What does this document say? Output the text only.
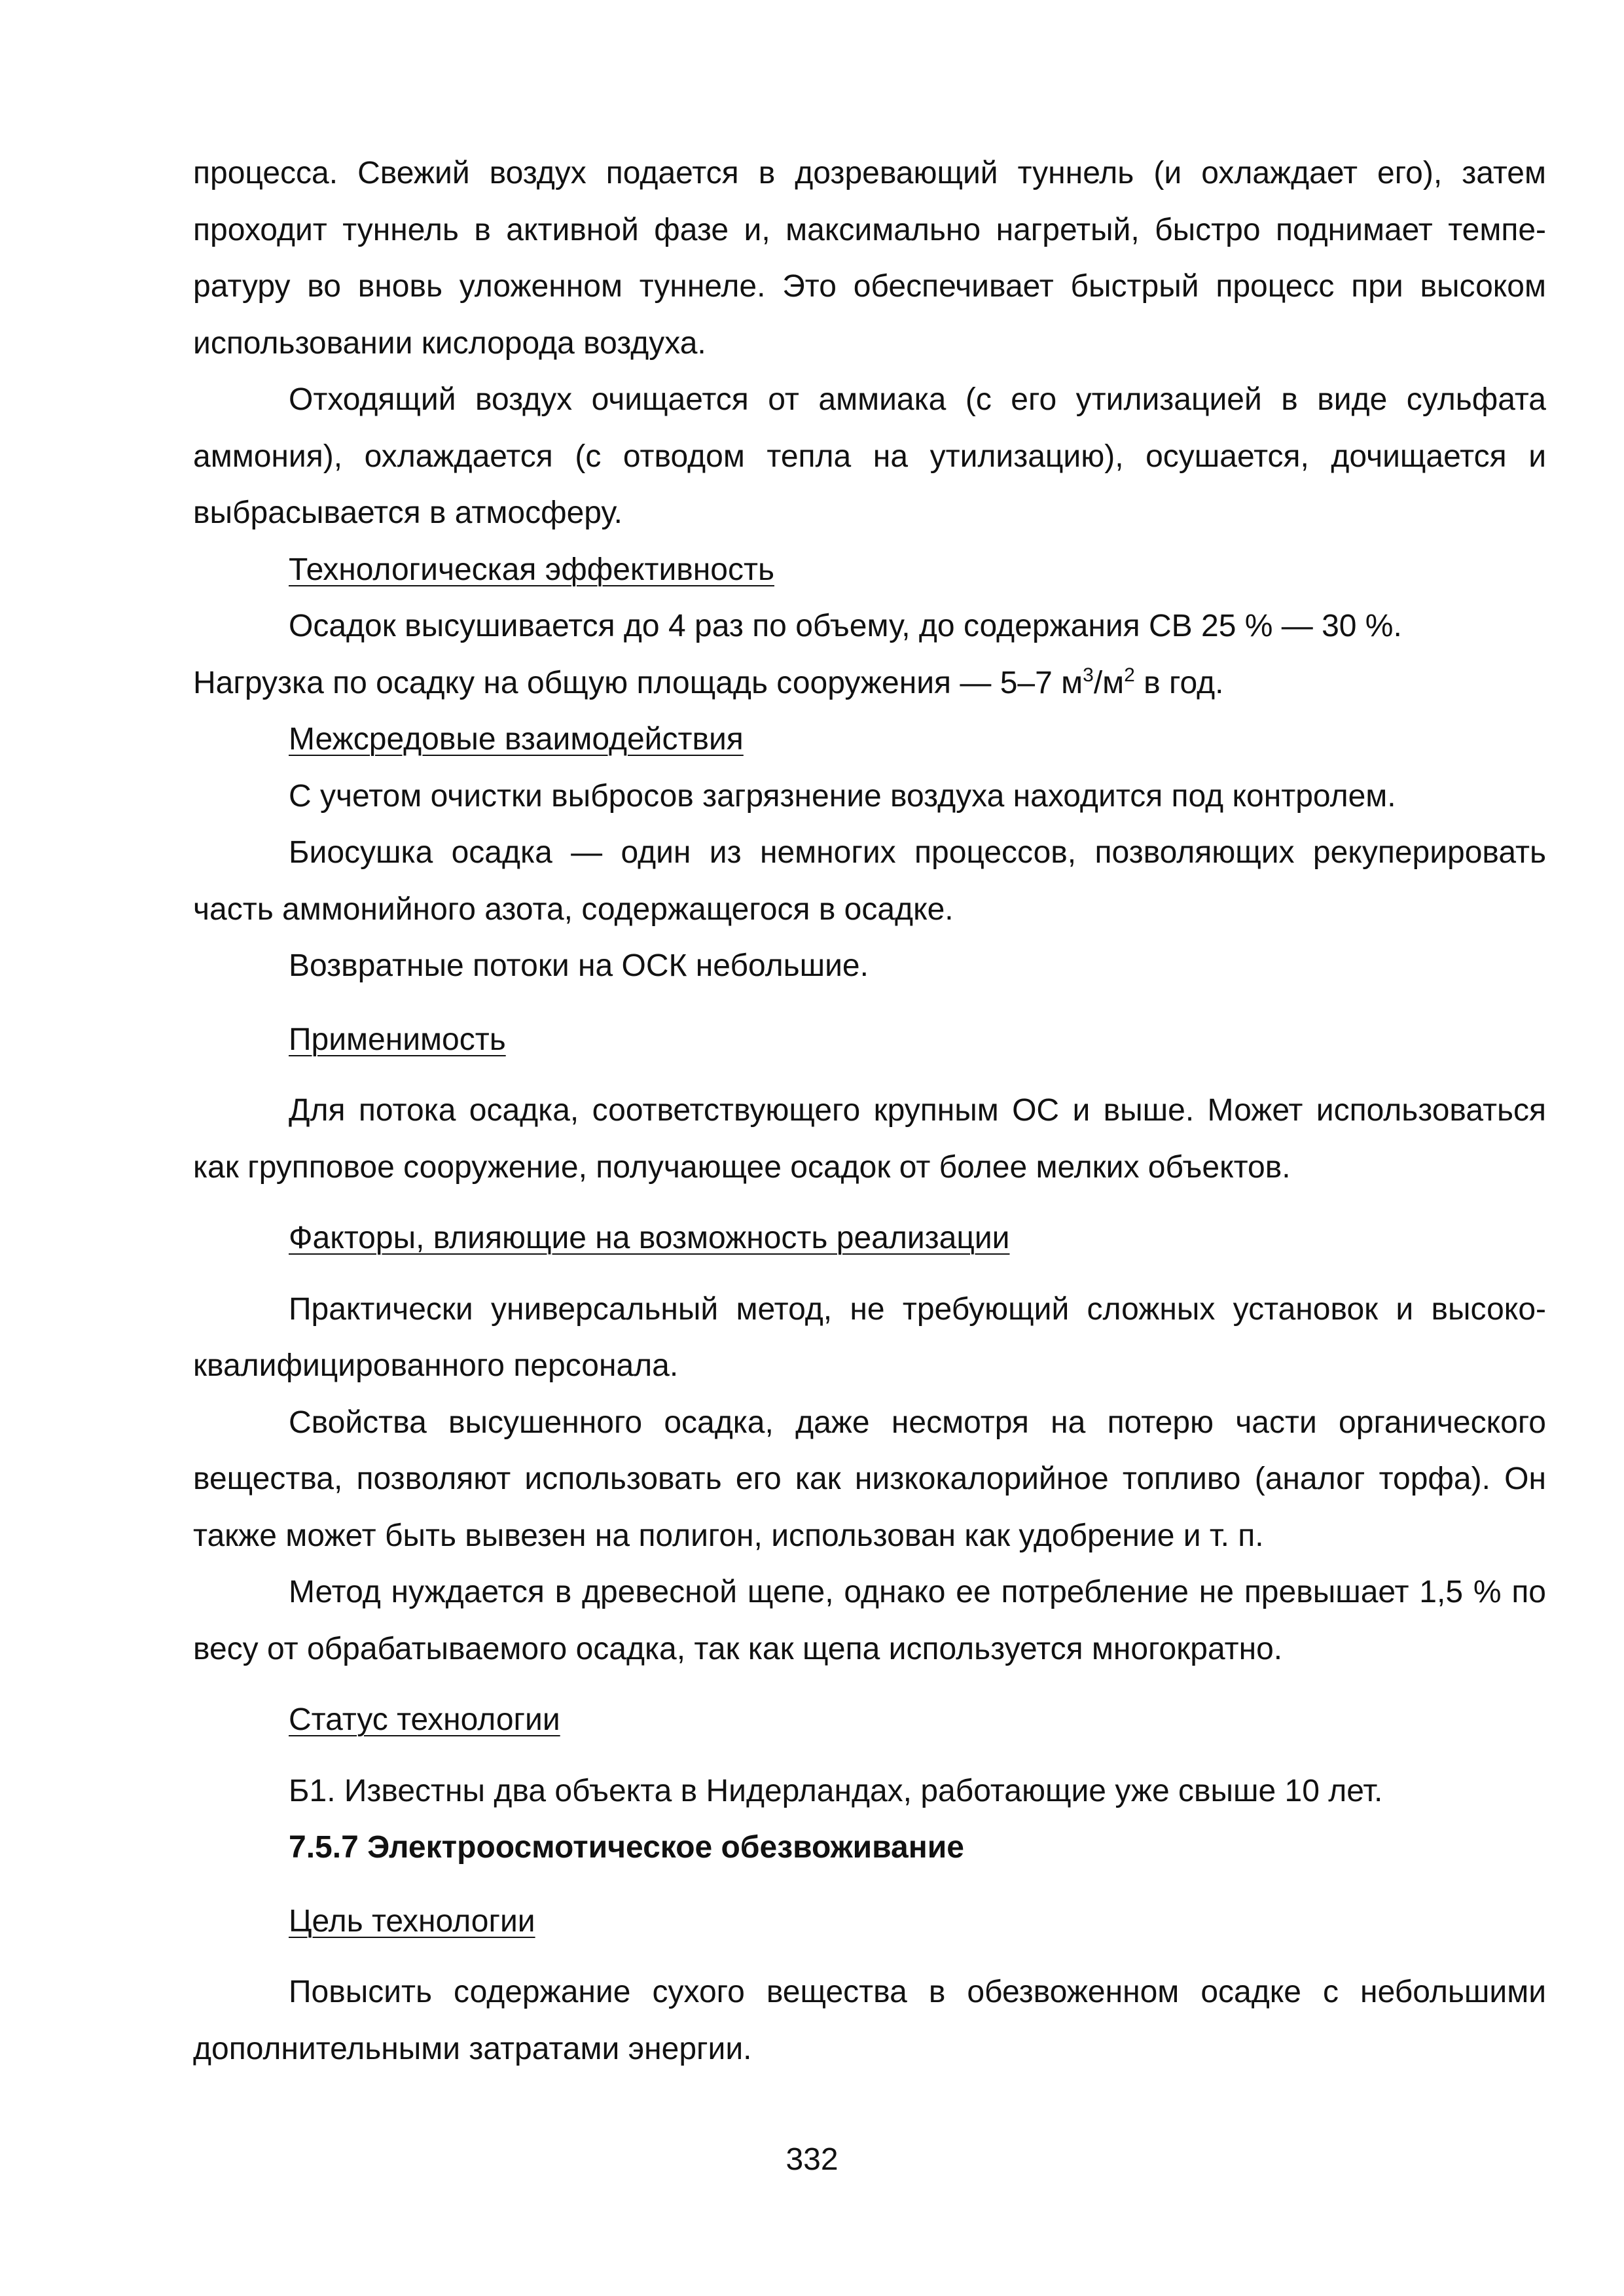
процесса. Свежий воздух подается в дозревающий туннель (и охлаждает его), затем проходит туннель в активной фазе и, максимально нагретый, быстро поднимает температуру во вновь уложенном туннеле. Это обеспечивает быстрый процесс при высоком использовании кислорода воздуха.

Отходящий воздух очищается от аммиака (с его утилизацией в виде сульфата аммония), охлаждается (с отводом тепла на утилизацию), осушается, дочищается и выбрасывается в атмосферу.

Технологическая эффективность

Осадок высушивается до 4 раз по объему, до содержания СВ 25 % — 30 %.

Нагрузка по осадку на общую площадь сооружения — 5–7 $м^3/м^2$ в год.

Межсредовые взаимодействия

С учетом очистки выбросов загрязнение воздуха находится под контролем.

Биосушка осадка — один из немногих процессов, позволяющих рекуперировать часть аммонийного азота, содержащегося в осадке.

Возвратные потоки на ОСК небольшие.

Применимость

Для потока осадка, соответствующего крупным ОС и выше. Может использоваться как групповое сооружение, получающее осадок от более мелких объектов.

Факторы, влияющие на возможность реализации

Практически универсальный метод, не требующий сложных установок и высококвалифицированного персонала.

Свойства высушенного осадка, даже несмотря на потерю части органического вещества, позволяют использовать его как низкокалорийное топливо (аналог торфа). Он также может быть вывезен на полигон, использован как удобрение и т. п.

Метод нуждается в древесной щепе, однако ее потребление не превышает 1,5 % по весу от обрабатываемого осадка, так как щепа используется многократно.

Статус технологии

Б1. Известны два объекта в Нидерландах, работающие уже свыше 10 лет.

7.5.7 Электроосмотическое обезвоживание

Цель технологии

Повысить содержание сухого вещества в обезвоженном осадке с небольшими дополнительными затратами энергии.

332
